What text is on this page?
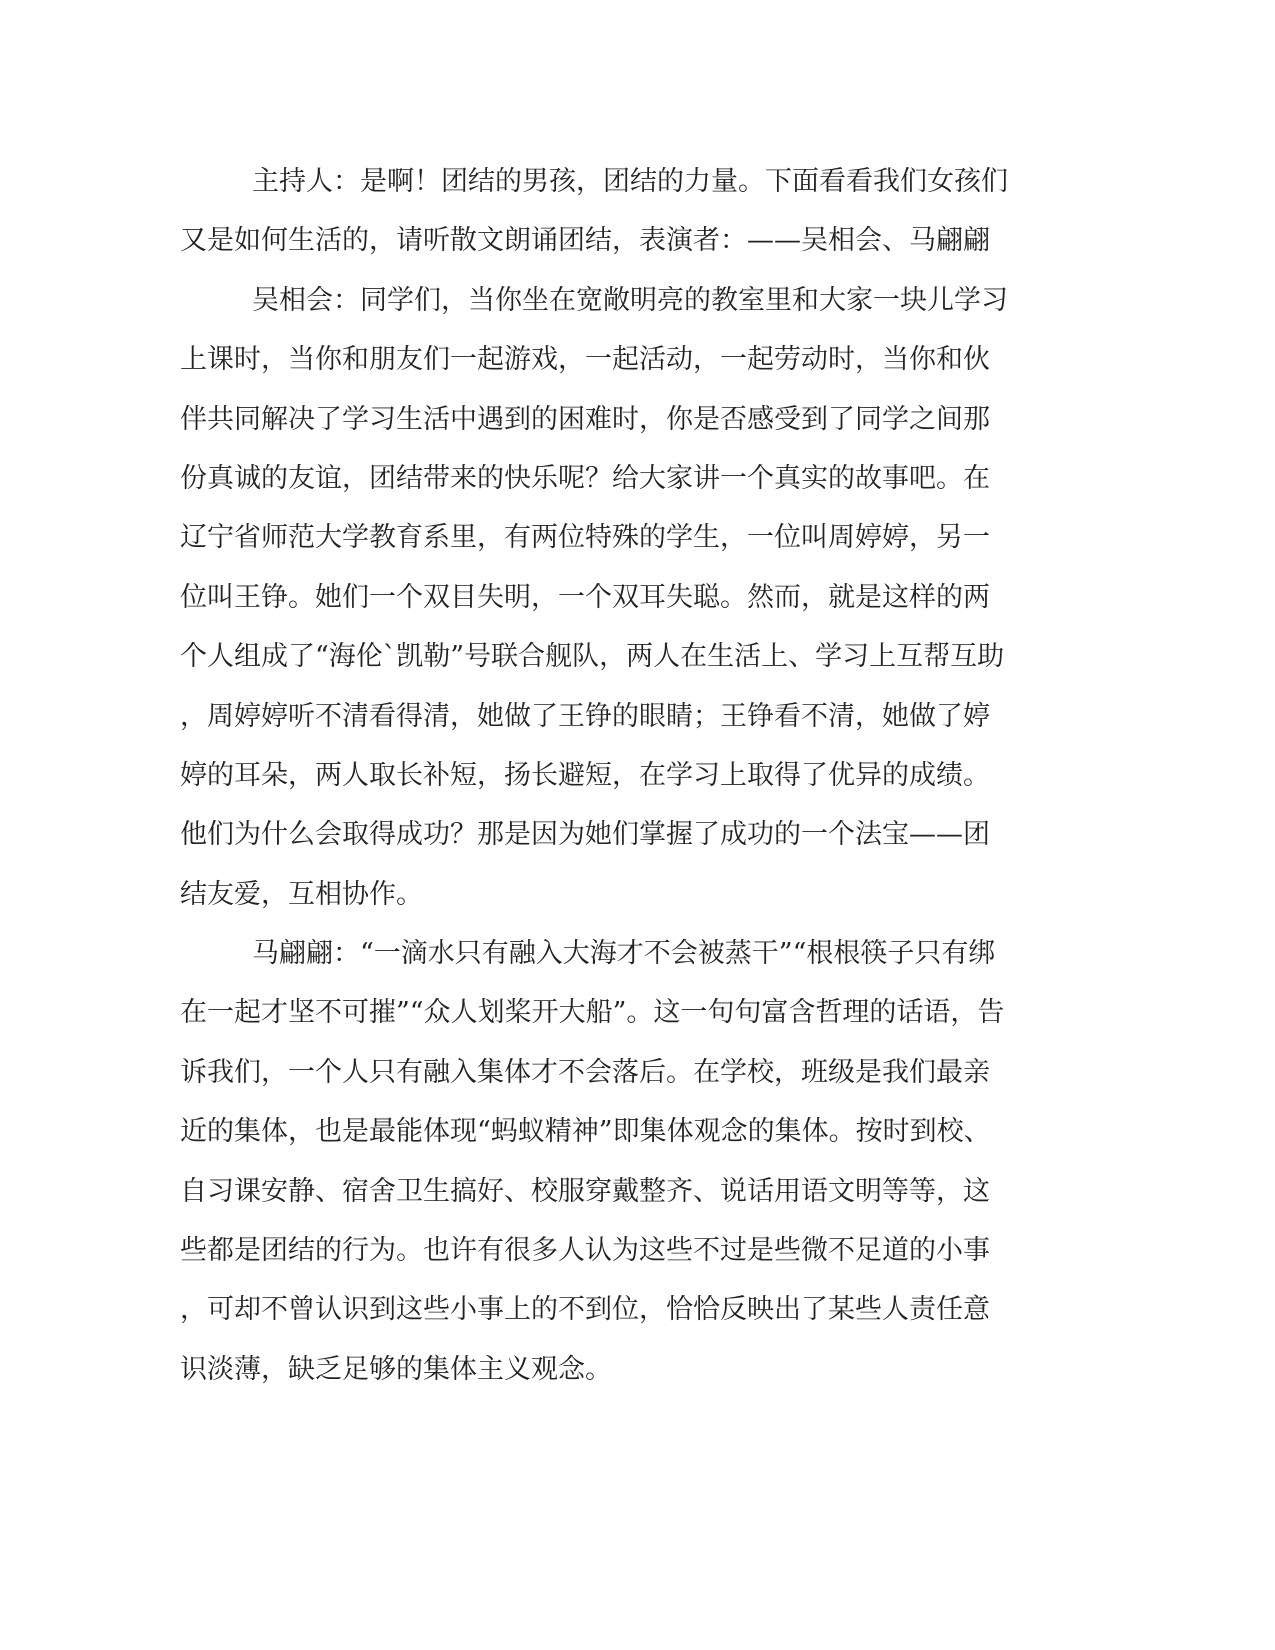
主持人：是啊！团结的男孩，团结的力量。下面看看我们女孩们
又是如何生活的，请听散文朗诵团结，表演者：——吴相会、马翩翩
吴相会：同学们，当你坐在宽敞明亮的教室里和大家一块儿学习
上课时，当你和朋友们一起游戏，一起活动，一起劳动时，当你和伙
伴共同解决了学习生活中遇到的困难时，你是否感受到了同学之间那
份真诚的友谊，团结带来的快乐呢？给大家讲一个真实的故事吧。在
辽宁省师范大学教育系里，有两位特殊的学生，一位叫周婷婷，另一
位叫王铮。她们一个双目失明，一个双耳失聪。然而，就是这样的两
个人组成了“海伦`凯勒”号联合舰队，两人在生活上、学习上互帮互助
，周婷婷听不清看得清，她做了王铮的眼睛；王铮看不清，她做了婷
婷的耳朵，两人取长补短，扬长避短，在学习上取得了优异的成绩。
他们为什么会取得成功？那是因为她们掌握了成功的一个法宝——团
结友爱，互相协作。
马翩翩：“一滴水只有融入大海才不会被蒸干”“根根筷子只有绑
在一起才坚不可摧”“众人划桨开大船”。这一句句富含哲理的话语，告
诉我们，一个人只有融入集体才不会落后。在学校，班级是我们最亲
近的集体，也是最能体现“蚂蚁精神”即集体观念的集体。按时到校、
自习课安静、宿舍卫生搞好、校服穿戴整齐、说话用语文明等等，这
些都是团结的行为。也许有很多人认为这些不过是些微不足道的小事
，可却不曾认识到这些小事上的不到位，恰恰反映出了某些人责任意
识淡薄，缺乏足够的集体主义观念。
